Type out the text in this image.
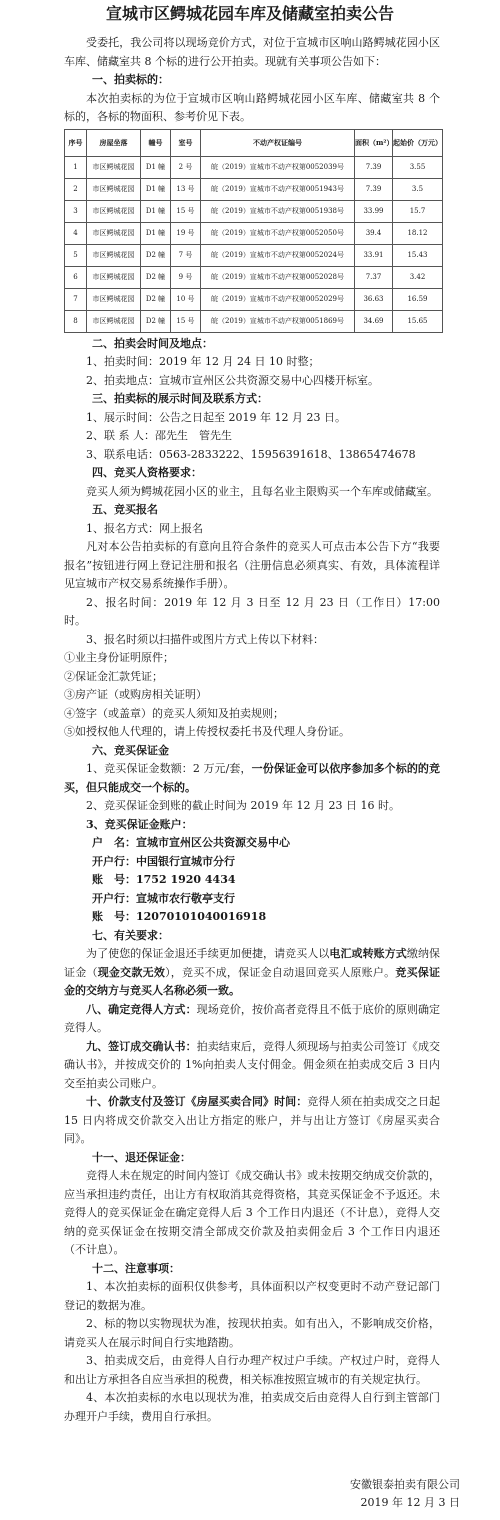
宣城市区鳄城花园车库及储藏室拍卖公告

受委托，我公司将以现场竞价方式，对位于宣城市区响山路鳄城花园小区车库、储藏室共 8 个标的进行公开拍卖。现就有关事项公告如下：

一、拍卖标的：

本次拍卖标的为位于宣城市区响山路鳄城花园小区车库、储藏室共 8 个标的，各标的物面积、参考价见下表。

序号	房屋坐落	幢号	室号	不动产权证编号	面积（m²）	起始价（万元）
1	市区鳄城花园	D1 幢	2 号	皖（2019）宣城市不动产权第0052039号	7.39	3.55
2	市区鳄城花园	D1 幢	13 号	皖（2019）宣城市不动产权第0051943号	7.39	3.5
3	市区鳄城花园	D1 幢	15 号	皖（2019）宣城市不动产权第0051938号	33.99	15.7
4	市区鳄城花园	D1 幢	19 号	皖（2019）宣城市不动产权第0052050号	39.4	18.12
5	市区鳄城花园	D2 幢	7 号	皖（2019）宣城市不动产权第0052024号	33.91	15.43
6	市区鳄城花园	D2 幢	9 号	皖（2019）宣城市不动产权第0052028号	7.37	3.42
7	市区鳄城花园	D2 幢	10 号	皖（2019）宣城市不动产权第0052029号	36.63	16.59
8	市区鳄城花园	D2 幢	15 号	皖（2019）宣城市不动产权第0051869号	34.69	15.65

二、拍卖会时间及地点：

1、拍卖时间：2019 年 12 月 24 日 10 时整；

2、拍卖地点：宣城市宣州区公共资源交易中心四楼开标室。

三、拍卖标的展示时间及联系方式：

1、展示时间：公告之日起至 2019 年 12 月 23 日。

2、联 系 人：邵先生　管先生

3、联系电话：0563-2833222、15956391618、13865474678

四、竞买人资格要求：

竞买人须为鳄城花园小区的业主，且每名业主限购买一个车库或储藏室。

五、竞买报名

1、报名方式：网上报名

凡对本公告拍卖标的有意向且符合条件的竞买人可点击本公告下方“我要报名”按钮进行网上登记注册和报名（注册信息必须真实、有效，具体流程详见宣城市产权交易系统操作手册）。

2、报名时间：2019 年 12 月 3 日至 12 月 23 日（工作日）17:00 时。

3、报名时须以扫描件或图片方式上传以下材料：

①业主身份证明原件；

②保证金汇款凭证；

③房产证（或购房相关证明）

④签字（或盖章）的竞买人须知及拍卖规则；

⑤如授权他人代理的，请上传授权委托书及代理人身份证。

六、竞买保证金

1、竞买保证金数额：2 万元/套，一份保证金可以依序参加多个标的的竞买，但只能成交一个标的。

2、竞买保证金到账的截止时间为 2019 年 12 月 23 日 16 时。

3、竞买保证金账户：

户　名：宣城市宣州区公共资源交易中心

开户行：中国银行宣城市分行

账　号：1752 1920 4434

开户行：宣城市农行敬亭支行

账　号：12070101040016918

七、有关要求：

为了使您的保证金退还手续更加便捷，请竞买人以电汇或转账方式缴纳保证金（现金交款无效），竞买不成，保证金自动退回竞买人原账户。竞买保证金的交纳方与竞买人名称必须一致。

八、确定竞得人方式：现场竞价，按价高者竞得且不低于底价的原则确定竞得人。

九、签订成交确认书：拍卖结束后，竞得人须现场与拍卖公司签订《成交确认书》，并按成交价的 1%向拍卖人支付佣金。佣金须在拍卖成交后 3 日内交至拍卖公司账户。

十、价款支付及签订《房屋买卖合同》时间：竞得人须在拍卖成交之日起 15 日内将成交价款交入出让方指定的账户，并与出让方签订《房屋买卖合同》。

十一、退还保证金：

竞得人未在规定的时间内签订《成交确认书》或未按期交纳成交价款的，应当承担违约责任，出让方有权取消其竞得资格，其竞买保证金不予返还。未竞得人的竞买保证金在确定竞得人后 3 个工作日内退还（不计息），竞得人交纳的竞买保证金在按期交清全部成交价款及拍卖佣金后 3 个工作日内退还（不计息）。

十二、注意事项：

1、本次拍卖标的面积仅供参考，具体面积以产权变更时不动产登记部门登记的数据为准。

2、标的物以实物现状为准，按现状拍卖。如有出入，不影响成交价格，请竞买人在展示时间自行实地踏勘。

3、拍卖成交后，由竞得人自行办理产权过户手续。产权过户时，竞得人和出让方承担各自应当承担的税费，相关标准按照宣城市的有关规定执行。

4、本次拍卖标的水电以现状为准，拍卖成交后由竞得人自行到主管部门办理开户手续，费用自行承担。

安徽银泰拍卖有限公司
2019 年 12 月 3 日
